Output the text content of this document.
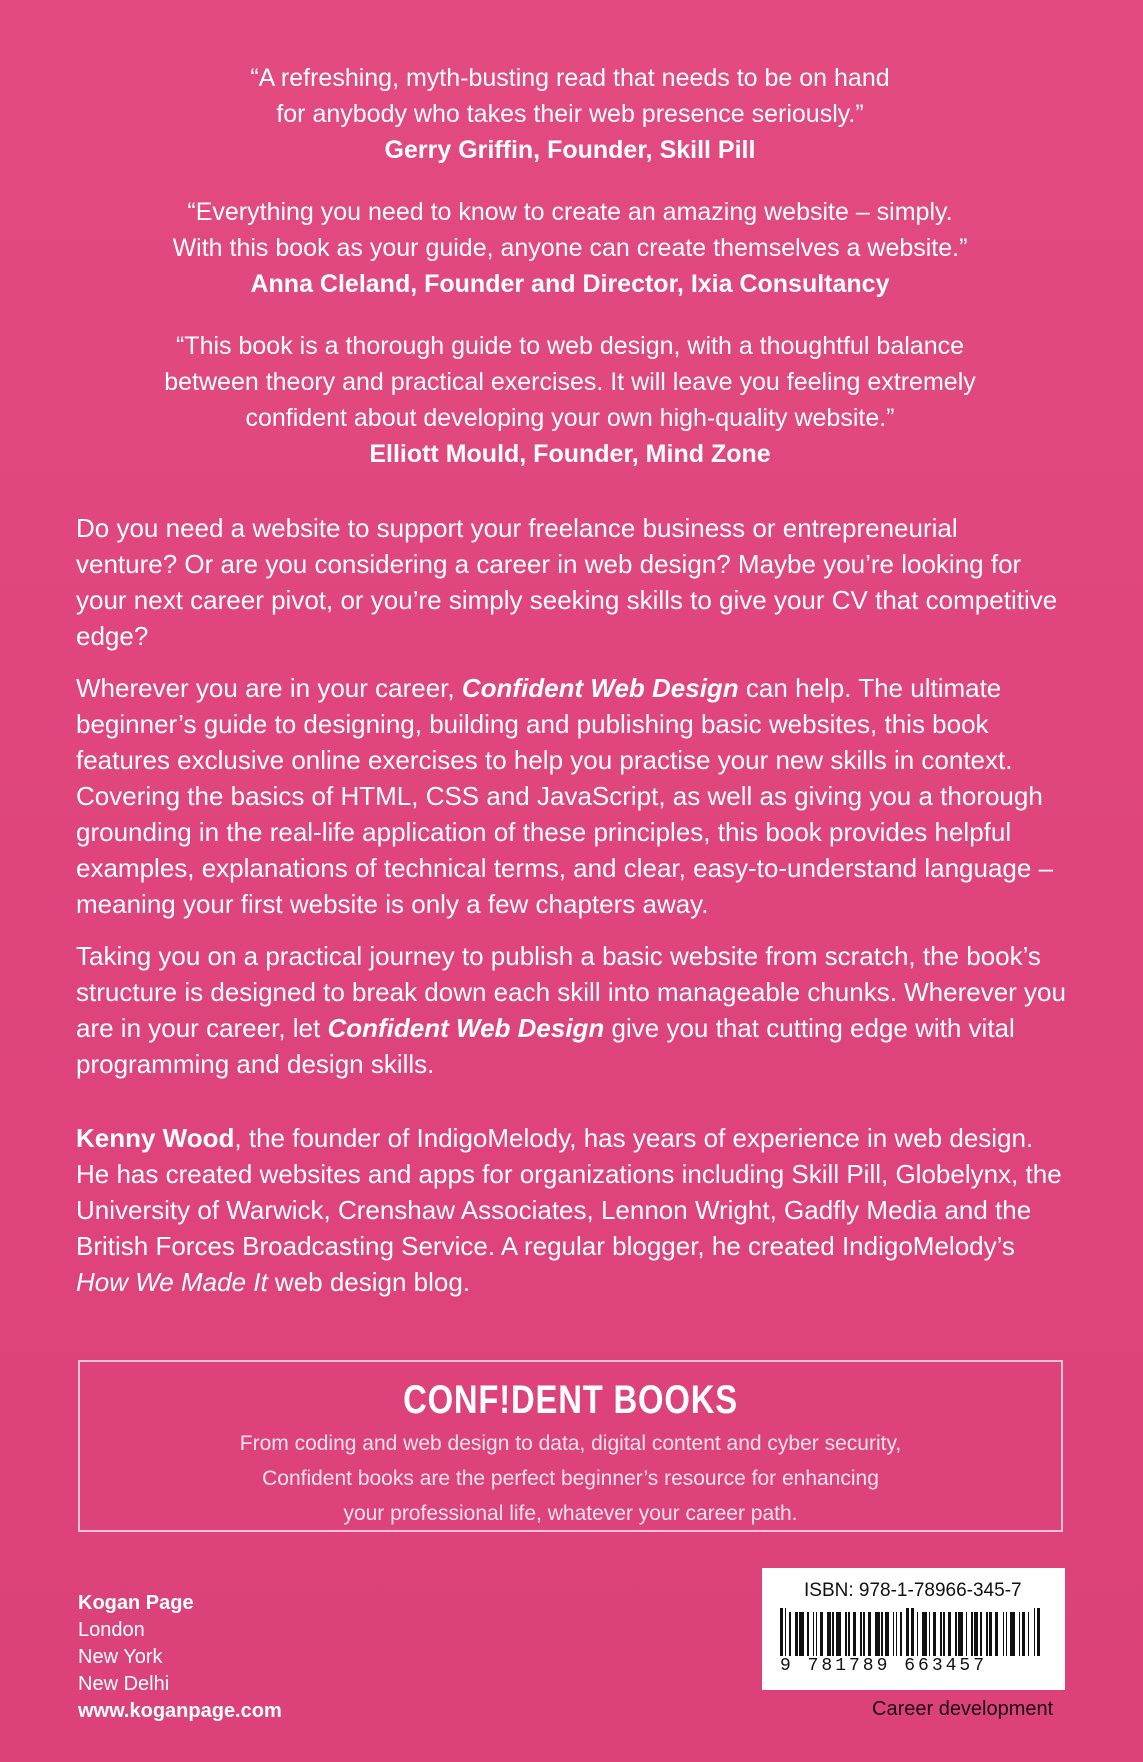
“A refreshing, myth-busting read that needs to be on hand
for anybody who takes their web presence seriously.”
Gerry Griffin, Founder, Skill Pill
“Everything you need to know to create an amazing website – simply.
With this book as your guide, anyone can create themselves a website.”
Anna Cleland, Founder and Director, Ixia Consultancy
“This book is a thorough guide to web design, with a thoughtful balance
between theory and practical exercises. It will leave you feeling extremely
confident about developing your own high-quality website.”
Elliott Mould, Founder, Mind Zone

Do you need a website to support your freelance business or entrepreneurial venture? Or are you considering a career in web design? Maybe you’re looking for your next career pivot, or you’re simply seeking skills to give your CV that competitive edge?

Wherever you are in your career, Confident Web Design can help. The ultimate beginner’s guide to designing, building and publishing basic websites, this book features exclusive online exercises to help you practise your new skills in context. Covering the basics of HTML, CSS and JavaScript, as well as giving you a thorough grounding in the real-life application of these principles, this book provides helpful examples, explanations of technical terms, and clear, easy-to-understand language – meaning your first website is only a few chapters away.

Taking you on a practical journey to publish a basic website from scratch, the book’s structure is designed to break down each skill into manageable chunks. Wherever you are in your career, let Confident Web Design give you that cutting edge with vital programming and design skills.

Kenny Wood, the founder of IndigoMelody, has years of experience in web design. He has created websites and apps for organizations including Skill Pill, Globelynx, the University of Warwick, Crenshaw Associates, Lennon Wright, Gadfly Media and the British Forces Broadcasting Service. A regular blogger, he created IndigoMelody’s How We Made It web design blog.
CONF!DENT BOOKS
From coding and web design to data, digital content and cyber security,
Confident books are the perfect beginner’s resource for enhancing
your professional life, whatever your career path.
Kogan Page
London
New York
New Delhi
www.koganpage.com
ISBN: 978-1-78966-345-7
9 781789 663457
Career development
